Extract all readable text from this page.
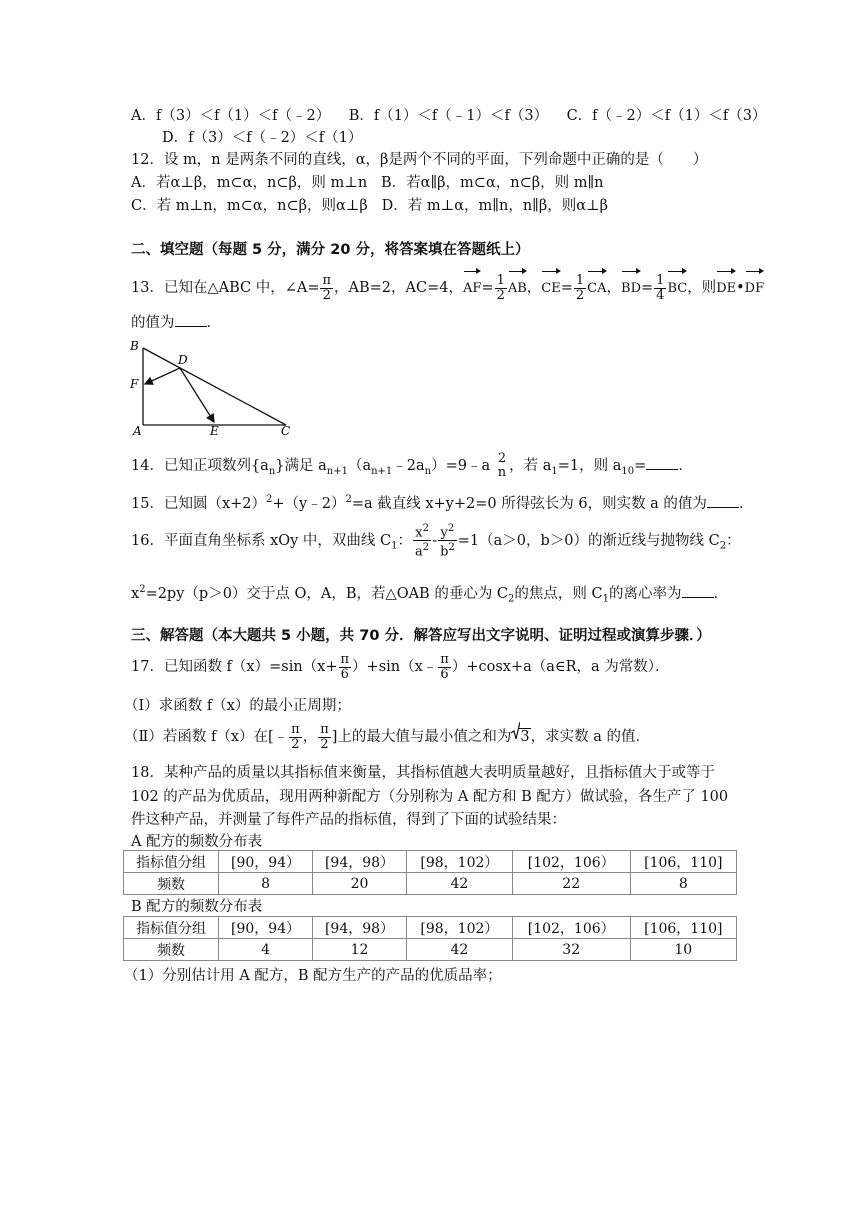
A．f（3）＜f（1）＜f（﹣2） B．f（1）＜f（﹣1）＜f（3） C．f（﹣2）＜f（1）＜f（3）
D．f（3）＜f（﹣2）＜f（1）
12．设 m，n 是两条不同的直线，α，β是两个不同的平面，下列命题中正确的是（　　）
A．若α⊥β，m⊂α，n⊂β，则 m⊥n B．若α∥β，m⊂α，n⊂β，则 m∥n
C．若 m⊥n，m⊂α，n⊂β，则α⊥β D．若 m⊥α，m∥n，n∥β，则α⊥β
二、填空题（每题 5 分，满分 20 分，将答案填在答题纸上）
13．已知在△ABC 中，∠A= $\frac{\pi}{2}$ ，AB=2，AC=4，$AF= \frac{1}{2}$ AB，$CE= \frac{1}{2}$ CA，$BD= \frac{1}{4}$ BC，则DE•DF
的值为 ．
B
D
F
A	E	C
14．已知正项数列$\{a_n\}$满足 $a_{n+1}(a_{n+1}﹣2a_n)=9﹣a$ 2
n ，若 $a_1=1$，则 $a_{10}=$ ．
15．已知圆$(x+2)^2+(y﹣2)^2=a$ 截直线 x+y+2=0 所得弦长为 6，则实数 a 的值为 ．
16．平面直角坐标系 xOy 中，双曲线 $C_1$： $\frac{x^2}{a^2} - \frac{y^2}{b^2} =1(a>0$，b＞0）的渐近线与抛物线 $C_2$：
$x^2=2py(p>0)$交于点 O，A，B，若△OAB 的垂心为 $C_2$的焦点，则 $C_1$的离心率为 ．
三、解答题（本大题共 5 小题，共 70 分．解答应写出文字说明、证明过程或演算步骤．）
17．已知函数 $f(x)=\sin(x+ \frac{\pi}{6}$ ）+sin（x﹣ $\frac{\pi}{6}$ ）+cosx+a（a∈R，a 为常数）．
（Ⅰ）求函数 f（x）的最小正周期；
（Ⅱ）若函数 f（x）在[﹣ $\frac{\pi}{2}$ ， $\frac{\pi}{2}$ ]上的最大值与最小值之和为 3，求实数 a 的值．
18．某种产品的质量以其指标值来衡量，其指标值越大表明质量越好，且指标值大于或等于
102 的产品为优质品，现用两种新配方（分别称为 A 配方和 B 配方）做试验，各生产了 100
件这种产品，并测量了每件产品的指标值，得到了下面的试验结果：
A 配方的频数分布表
指标值分组	[90，94）	[94，98）	[98，102）	[102，106）	[106，110]
频数	8	20	42	22	8
B 配方的频数分布表
指标值分组	[90，94）	[94，98）	[98，102）	[102，106）	[106，110]
频数	4	12	42	32	10
（1）分别估计用 A 配方，B 配方生产的产品的优质品率；
